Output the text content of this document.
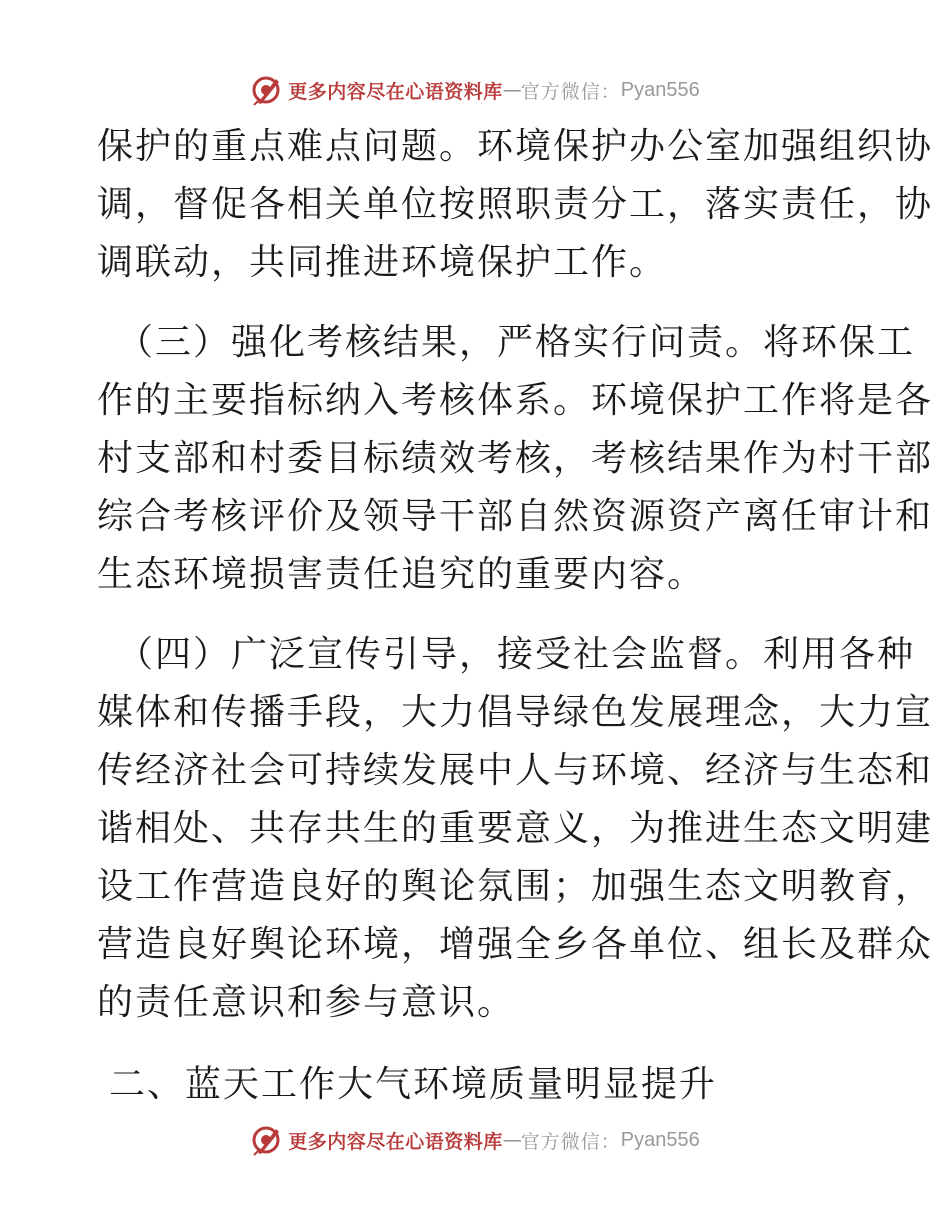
更多内容尽在心语资料库 — 官方微信： Pyan556
保护的重点难点问题。环境保护办公室加强组织协
调，督促各相关单位按照职责分工，落实责任，协
调联动，共同推进环境保护工作。
（三）强化考核结果，严格实行问责。将环保工
作的主要指标纳入考核体系。环境保护工作将是各
村支部和村委目标绩效考核，考核结果作为村干部
综合考核评价及领导干部自然资源资产离任审计和
生态环境损害责任追究的重要内容。
（四）广泛宣传引导，接受社会监督。利用各种
媒体和传播手段，大力倡导绿色发展理念，大力宣
传经济社会可持续发展中人与环境、经济与生态和
谐相处、共存共生的重要意义，为推进生态文明建
设工作营造良好的舆论氛围；加强生态文明教育，
营造良好舆论环境，增强全乡各单位、组长及群众
的责任意识和参与意识。
二、蓝天工作大气环境质量明显提升
更多内容尽在心语资料库 — 官方微信： Pyan556
